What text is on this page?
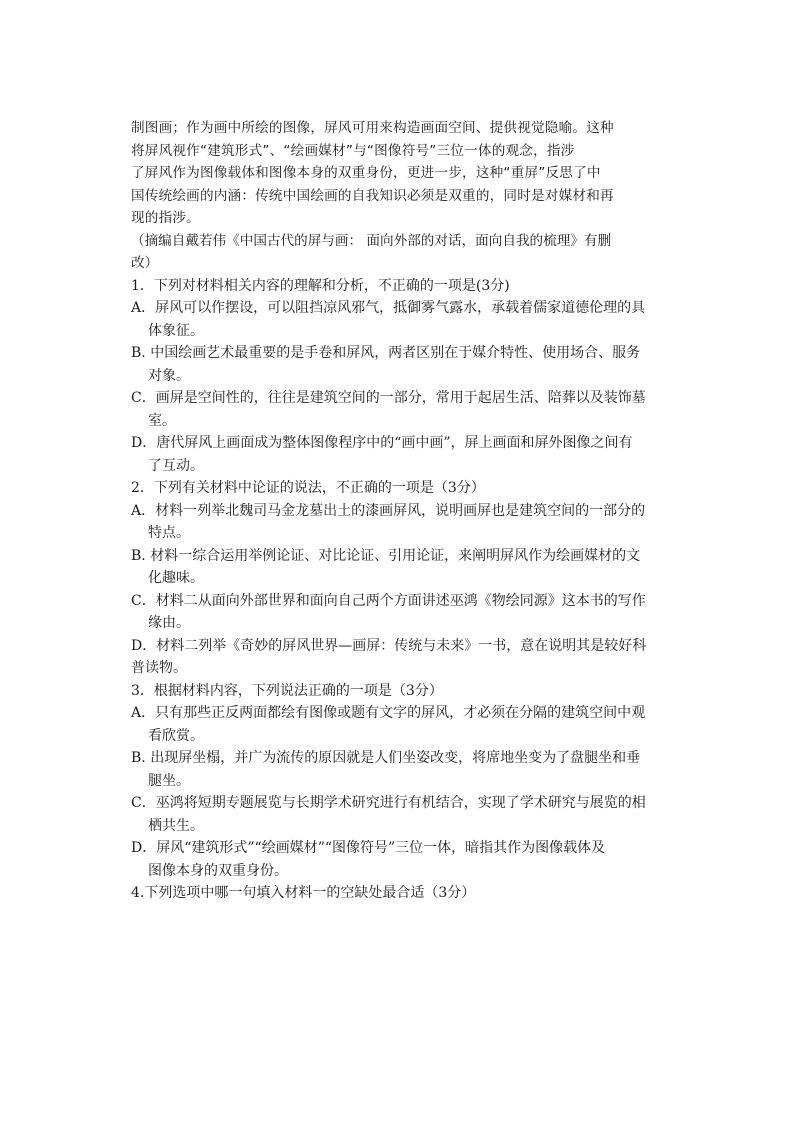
制图画；作为画中所绘的图像，屏风可用来构造画面空间、提供视觉隐喻。这种
将屏风视作“建筑形式”、“绘画媒材”与“图像符号”三位一体的观念，指涉
了屏风作为图像载体和图像本身的双重身份，更进一步，这种“重屏”反思了中
国传统绘画的内涵：传统中国绘画的自我知识必须是双重的，同时是对媒材和再
现的指涉。
（摘编自戴若伟《中国古代的屏与画： 面向外部的对话，面向自我的梳理》有删
改）
1．下列对材料相关内容的理解和分析，不正确的一项是(3分)
A．屏风可以作摆设，可以阻挡凉风邪气，抵御雾气露水，承载着儒家道德伦理的具
体象征。
B. 中国绘画艺术最重要的是手卷和屏风，两者区别在于媒介特性、使用场合、服务
对象。
C．画屏是空间性的，往往是建筑空间的一部分，常用于起居生活、陪葬以及装饰墓
室。
D．唐代屏风上画面成为整体图像程序中的“画中画”，屏上画面和屏外图像之间有
了互动。
2．下列有关材料中论证的说法，不正确的一项是（3分）
A．材料一列举北魏司马金龙墓出土的漆画屏风，说明画屏也是建筑空间的一部分的
特点。
B. 材料一综合运用举例论证、对比论证、引用论证，来阐明屏风作为绘画媒材的文
化趣味。
C．材料二从面向外部世界和面向自己两个方面讲述巫鸿《物绘同源》这本书的写作
缘由。
D．材料二列举《奇妙的屏风世界—画屏：传统与未来》一书，意在说明其是较好科
普读物。
3．根据材料内容，下列说法正确的一项是（3分）
A．只有那些正反两面都绘有图像或题有文字的屏风，才必须在分隔的建筑空间中观
看欣赏。
B. 出现屏坐榻，并广为流传的原因就是人们坐姿改变，将席地坐变为了盘腿坐和垂
腿坐。
C．巫鸿将短期专题展览与长期学术研究进行有机结合，实现了学术研究与展览的相
栖共生。
D．屏风“建筑形式”“绘画媒材”“图像符号”三位一体，暗指其作为图像载体及
图像本身的双重身份。
4.下列选项中哪一句填入材料一的空缺处最合适（3分）
